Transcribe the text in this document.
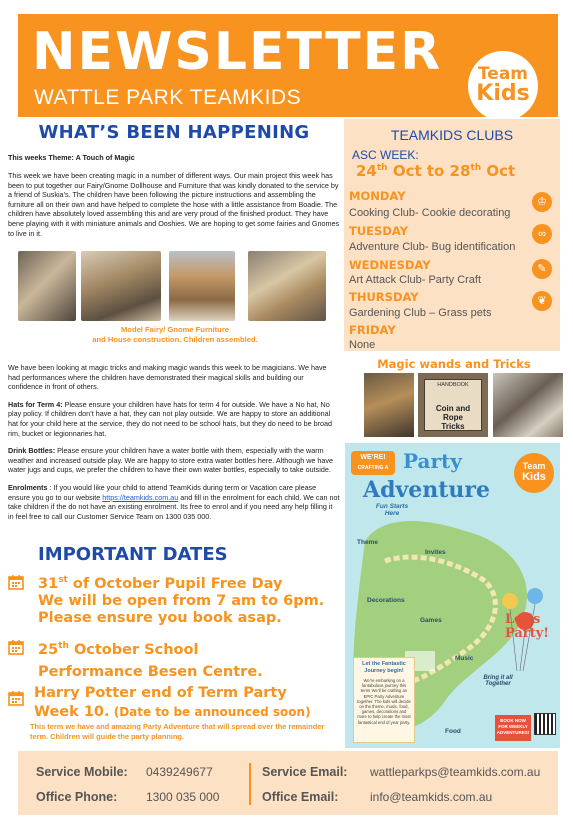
NEWSLETTER
WATTLE PARK TEAMKIDS
Team
Kids
WHAT’S BEEN HAPPENING
This weeks Theme: A Touch of Magic
This week we have been creating magic in a number of different ways. Our main project this week has been to put together our Fairy/Gnome Dollhouse and Furniture that was kindly donated to the service by a friend of Suskia’s. The children have been following the picture instructions and assembling the furniture all on their own and have helped to complete the hose with a little assistance from Boadie. The children have absolutely loved assembling this and are very proud of the finished product. They have bene playing with it with miniature animals and Ooshies. We are hoping to get some fairies and Gnomes to live in it.
Model Fairy/ Gnome Furniture
and House construction. Children assembled.
We have been looking at magic tricks and making magic wands this week to be magicians. We have had performances where the children have demonstrated their magical skills and building our confidence in front of others.
Hats for Term 4: Please ensure your children have hats for term 4 for outside. We have a No hat, No play policy. If children don’t have a hat, they can not play outside. We are happy to store an additional hat for your child here at the service, they do not need to be school hats, but they do need to be broad rim, bucket or legionnaries hat.
Drink Bottles: Please ensure your children have a water bottle with them, especially with the warm weather and increased outside play. We are happy to store extra water bottles here. Although we have water jugs and cups, we prefer the children to have their own water bottles, especially to take outside.
Enrolments : If you would like your child to attend TeamKids during term or Vacation care please ensure you go to our website https://teamkids.com.au and fill in the enrolment for each child. We can not take children if the do not have an existing enrolment. Its free to enrol and if you need any help filling it in feel free to call our Customer Service Team on 1300 035 000.
IMPORTANT DATES
31st of October Pupil Free Day
We will be open from 7 am to 6pm.
Please ensure you book asap.
25th October School
Performance Besen Centre.
Harry Potter end of Term Party
Week 10. (Date to be announced soon)
This term we have and amazing Party Adventure that will spread over the remainder term. Children will guide the party planning.
TEAMKIDS CLUBS
ASC WEEK:
24th Oct to 28th Oct
MONDAY
Cooking Club- Cookie decorating
♔
TUESDAY
Adventure Club- Bug identification
∞
WEDNESDAY
Art Attack Club- Party Craft
✎
THURSDAY
Gardening Club – Grass pets
❦
FRIDAY
None
Magic wands and Tricks
HANDBOOK
Coin and Rope
Tricks
WE’RE!
CRAFTING A Party
Adventure
Team
Kids
Fun Starts Here
Theme
Invites
Decorations
Games	Let’s Party!
Music
Let the Fantastic Journey begin!
We’re embarking on a fantabulous journey this term! We’ll be crafting an EPIC Party Adventure together. The kids will decide on the theme, music, food, games, decorations and more to help create the most fantastical end of year party.
Bring it all Together
Food
BOOK NOW FOR WEEKLY ADVENTURES!
Service Mobile: 0439249677
Office Phone: 1300 035 000
Service Email: wattleparkps@teamkids.com.au
Office Email:	info@teamkids.com.au
